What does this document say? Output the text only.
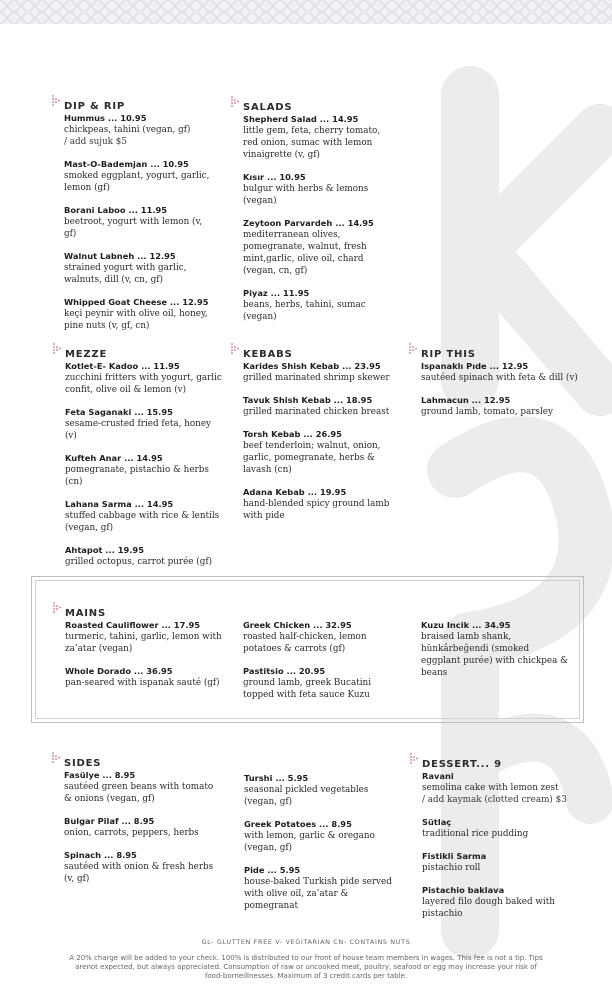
DIP & RIP
Hummus ... 10.95
chickpeas, tahini (vegan, gf)
/ add sujuk $5
Mast-O-Bademjan ... 10.95
smoked eggplant, yogurt, garlic, lemon (gf)
Borani Laboo ... 11.95
beetroot, yogurt with lemon (v, gf)
Walnut Labneh ... 12.95
strained yogurt with garlic, walnuts, dill (v, cn, gf)
Whipped Goat Cheese ... 12.95
keçi peynir with olive oil, honey, pine nuts (v, gf, cn)
SALADS
Shepherd Salad ... 14.95
little gem, feta, cherry tomato, red onion, sumac with lemon vinaigrette (v, gf)
Kısır ... 10.95
bulgur with herbs & lemons (vegan)
Zeytoon Parvardeh ... 14.95
mediterranean olives, pomegranate, walnut, fresh mint,garlic, olive oil, chard (vegan, cn, gf)
Piyaz ... 11.95
beans, herbs, tahini, sumac (vegan)
MEZZE
Kotlet-E- Kadoo ... 11.95
zucchini fritters with yogurt, garlic confit, olive oil & lemon (v)
Feta Saganaki ... 15.95
sesame-crusted fried feta, honey (v)
Kufteh Anar ... 14.95
pomegranate, pistachio & herbs (cn)
Lahana Sarma ... 14.95
stuffed cabbage with rice & lentils (vegan, gf)
Ahtapot ... 19.95
grilled octopus, carrot purée (gf)
KEBABS
Karides Shish Kebab ... 23.95
grilled marinated shrimp skewer
Tavuk Shish Kebab ... 18.95
grilled marinated chicken breast
Torsh Kebab ... 26.95
beef tenderloin; walnut, onion, garlic, pomegranate, herbs & lavash (cn)
Adana Kebab ... 19.95
hand-blended spicy ground lamb with pide
RIP THIS
Ispanaklı Pıde ... 12.95
sautéed spinach with feta & dill (v)
Lahmacun ... 12.95
ground lamb, tomato, parsley
MAINS
Roasted Cauliflower ... 17.95
turmeric, tahini, garlic, lemon with za’atar (vegan)
Whole Dorado ... 36.95
pan-seared with ispanak sauté (gf)
Greek Chicken ... 32.95
roasted half-chicken, lemon potatoes & carrots (gf)
Pastitsio ... 20.95
ground lamb, greek Bucatini topped with feta sauce Kuzu
Kuzu Incik ... 34.95
braised lamb shank, hünkârbeğendi (smoked eggplant purée) with chickpea & beans
SIDES
Fasülye ... 8.95
sautéed green beans with tomato & onions (vegan, gf)
Bulgar Pilaf ... 8.95
onion, carrots, peppers, herbs
Spinach ... 8.95
sautéed with onion & fresh herbs (v, gf)
Turshi ... 5.95
seasonal pickled vegetables (vegan, gf)
Greek Potatoes ... 8.95
with lemon, garlic & oregano (vegan, gf)
Pide ... 5.95
house-baked Turkish pide served with olive oil, za’atar & pomegranat
DESSERT... 9
Ravani
semolina cake with lemon zest
/ add kaymak (clotted cream) $3
Sütlaç
traditional rice pudding
Fistikli Sarma
pistachio roll
Pistachio baklava
layered filo dough baked with pistachio
GL- GLUTTEN FREE V- VEGITARIAN CN- CONTAINS NUTS
A 20% charge will be added to your check. 100% is distributed to our front of house team members in wages. This fee is not a tip. Tips arenot expected, but always appreciated. Consumption of raw or uncooked meat, poultry, seafood or egg may increase your risk of food-borneillnesses. Maximum of 3 credit cards per table.
